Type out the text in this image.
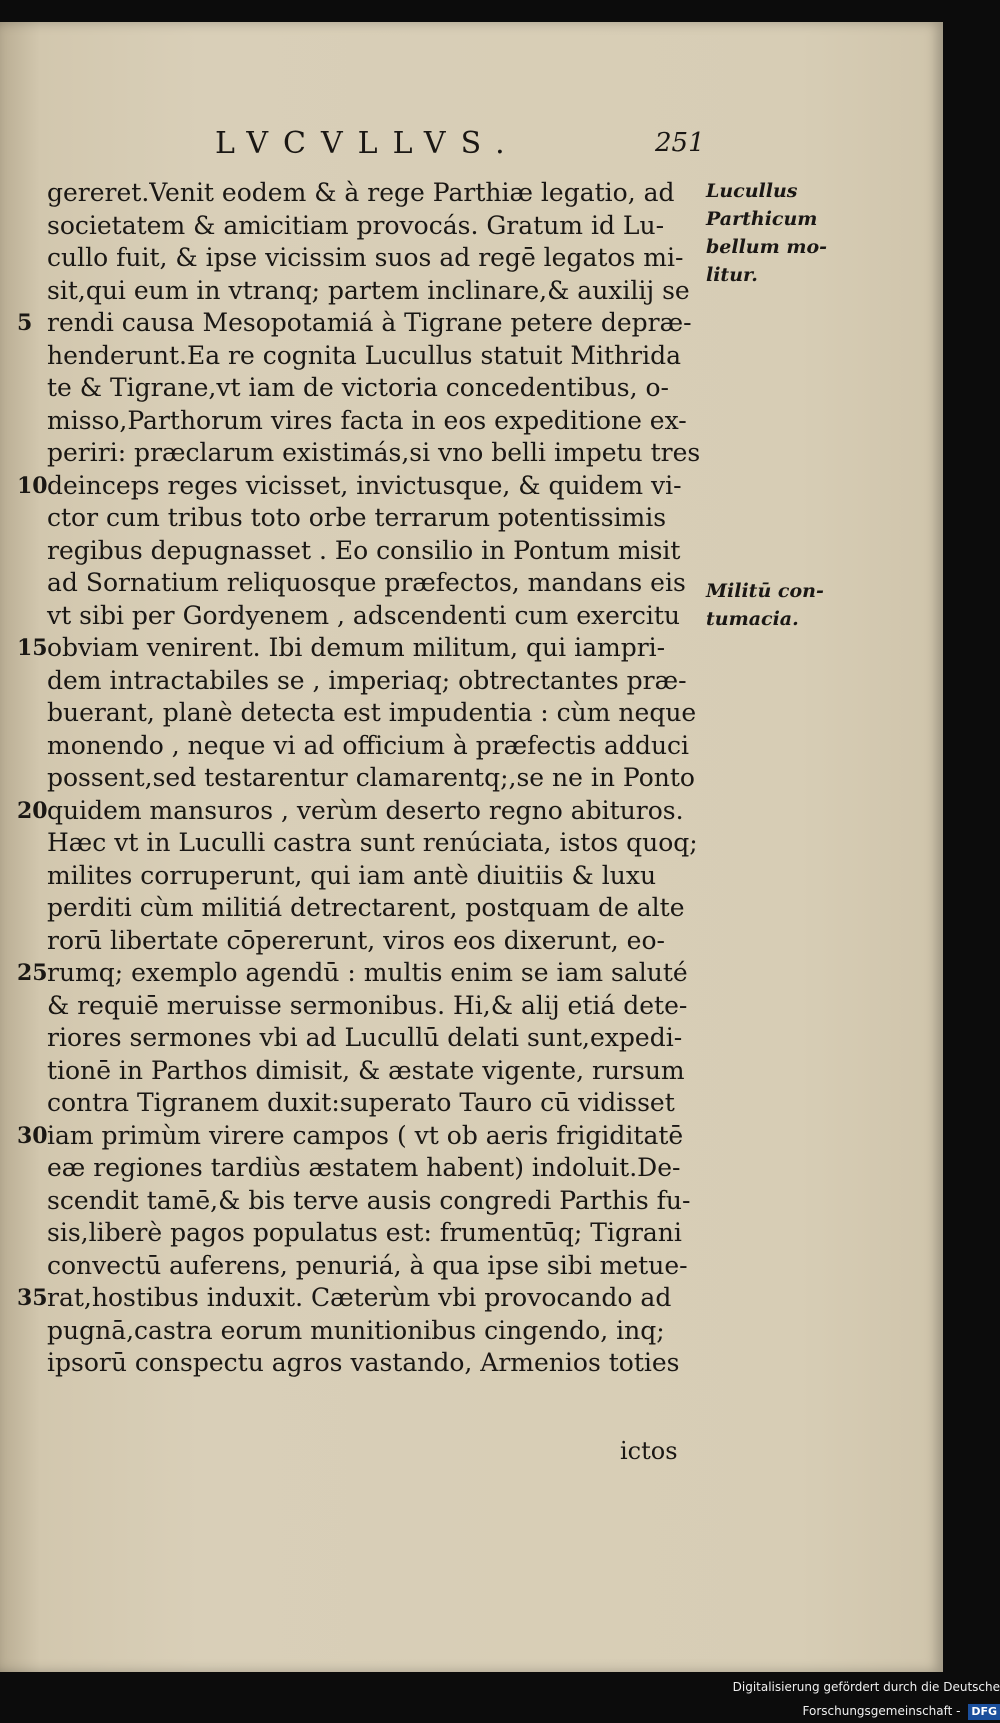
LVCVLLVS.	251
gereret.Venit eodem & à rege Parthiæ legatio, ad
societatem & amicitiam provocás. Gratum id Lu-
cullo fuit, & ipse vicissim suos ad regē legatos mi-
sit,qui eum in vtranq; partem inclinare,& auxilij se
5 rendi causa Mesopotamiá à Tigrane petere depræ-
henderunt.Ea re cognita Lucullus statuit Mithrida
te & Tigrane,vt iam de victoria concedentibus, o-
misso,Parthorum vires facta in eos expeditione ex-
periri: præclarum existimás,si vno belli impetu tres
10 deinceps reges vicisset, invictusque, & quidem vi-
ctor cum tribus toto orbe terrarum potentissimis
regibus depugnasset . Eo consilio in Pontum misit
ad Sornatium reliquosque præfectos, mandans eis
vt sibi per Gordyenem , adscendenti cum exercitu
15 obviam venirent. Ibi demum militum, qui iampri-
dem intractabiles se , imperiaq; obtrectantes præ-
buerant, planè detecta est impudentia : cùm neque
monendo , neque vi ad officium à præfectis adduci
possent,sed testarentur clamarentq;,se ne in Ponto
20 quidem mansuros , verùm deserto regno abituros.
Hæc vt in Luculli castra sunt renúciata, istos quoq;
milites corruperunt, qui iam antè diuitiis & luxu
perditi cùm militiá detrectarent, postquam de alte
rorū libertate cōpererunt, viros eos dixerunt, eo-
25 rumq; exemplo agendū : multis enim se iam saluté
& requiē meruisse sermonibus. Hi,& alij etiá dete-
riores sermones vbi ad Lucullū delati sunt,expedi-
tionē in Parthos dimisit, & æstate vigente, rursum
contra Tigranem duxit:superato Tauro cū vidisset
30 iam primùm virere campos ( vt ob aeris frigiditatē
eæ regiones tardiùs æstatem habent) indoluit.De-
scendit tamē,& bis terve ausis congredi Parthis fu-
sis,liberè pagos populatus est: frumentūq; Tigrani
convectū auferens, penuriá, à qua ipse sibi metue-
35 rat,hostibus induxit. Cæterùm vbi provocando ad
pugnā,castra eorum munitionibus cingendo, inq;
ipsorū conspectu agros vastando, Armenios toties
Lucullus
Parthicum
bellum mo-
litur.
Militū con-
tumacia.
ictos
Digitalisierung gefördert durch die Deutsche Forschungsgemeinschaft - DFG
